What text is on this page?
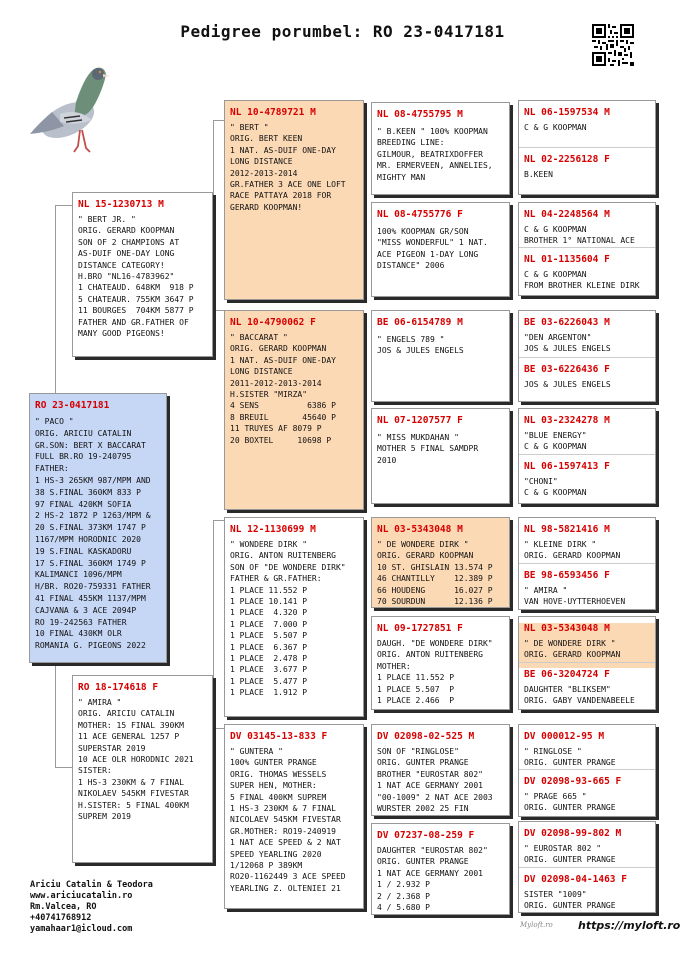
Pedigree porumbel: RO 23-0417181
RO 23-0417181
" PACO "
ORIG. ARICIU CATALIN
GR.SON: BERT X BACCARAT
FULL BR.RO 19-240795
FATHER:
1 HS-3 265KM 987/MPM AND
38 S.FINAL 360KM 833 P
97 FINAL 420KM SOFIA
2 HS-2 1872 P 1263/MPM &
20 S.FINAL 373KM 1747 P
1167/MPM HORODNIC 2020
19 S.FINAL KASKADORU
17 S.FINAL 360KM 1749 P
KALIMANCI 1096/MPM
H/BR. RO20-759331 FATHER
41 FINAL 455KM 1137/MPM
CAJVANA & 3 ACE 2094P
RO 19-242563 FATHER
10 FINAL 430KM OLR
ROMANIA G. PIGEONS 2022
NL 15-1230713 M
" BERT JR. "
ORIG. GERARD KOOPMAN
SON OF 2 CHAMPIONS AT
AS-DUIF ONE-DAY LONG
DISTANCE CATEGORY!
H.BRO "NL16-4783962"
1 CHATEAUD. 648KM  918 P
5 CHATEAUR. 755KM 3647 P
11 BOURGES  704KM 5877 P
FATHER AND GR.FATHER OF
MANY GOOD PIGEONS!
RO 18-174618 F
" AMIRA "
ORIG. ARICIU CATALIN
MOTHER: 15 FINAL 390KM
11 ACE GENERAL 1257 P
SUPERSTAR 2019
10 ACE OLR HORODNIC 2021
SISTER:
1 HS-3 230KM & 7 FINAL
NIKOLAEV 545KM FIVESTAR
H.SISTER: 5 FINAL 400KM
SUPREM 2019
NL 10-4789721 M
" BERT "
ORIG. BERT KEEN
1 NAT. AS-DUIF ONE-DAY
LONG DISTANCE
2012-2013-2014
GR.FATHER 3 ACE ONE LOFT
RACE PATTAYA 2018 FOR
GERARD KOOPMAN!
NL 10-4790062 F
" BACCARAT "
ORIG. GERARD KOOPMAN
1 NAT. AS-DUIF ONE-DAY
LONG DISTANCE
2011-2012-2013-2014
H.SISTER "MIRZA"
4 SENS          6386 P
8 BREUIL       45640 P
11 TRUYES AF 8079 P
20 BOXTEL     10698 P
NL 12-1130699 M
" WONDERE DIRK "
ORIG. ANTON RUITENBERG
SON OF "DE WONDERE DIRK"
FATHER & GR.FATHER:
1 PLACE 11.552 P
1 PLACE 10.141 P
1 PLACE  4.320 P
1 PLACE  7.000 P
1 PLACE  5.507 P
1 PLACE  6.367 P
1 PLACE  2.478 P
1 PLACE  3.677 P
1 PLACE  5.477 P
1 PLACE  1.912 P
DV 03145-13-833 F
" GUNTERA "
100% GUNTER PRANGE
ORIG. THOMAS WESSELS
SUPER HEN, MOTHER:
5 FINAL 400KM SUPREM
1 HS-3 230KM & 7 FINAL
NICOLAEV 545KM FIVESTAR
GR.MOTHER: RO19-240919
1 NAT ACE SPEED & 2 NAT
SPEED YEARLING 2020
1/12068 P 389KM
RO20-1162449 3 ACE SPEED
YEARLING Z. OLTENIEI 21
NL 08-4755795 M
" B.KEEN " 100% KOOPMAN
BREEDING LINE:
GILMOUR, BEATRIXDOFFER
MR. ERMERVEEN, ANNELIES,
MIGHTY MAN
NL 08-4755776 F
100% KOOPMAN GR/SON
"MISS WONDERFUL" 1 NAT.
ACE PIGEON 1-DAY LONG
DISTANCE" 2006
BE 06-6154789 M
" ENGELS 789 "
JOS & JULES ENGELS
NL 07-1207577 F
" MISS MUKDAHAN "
MOTHER 5 FINAL SAMDPR
2010
NL 03-5343048 M
" DE WONDERE DIRK "
ORIG. GERARD KOOPMAN
10 ST. GHISLAIN 13.574 P
46 CHANTILLY    12.389 P
66 HOUDENG      16.027 P
70 SOURDUN      12.136 P
NL 09-1727851 F
DAUGH. "DE WONDERE DIRK"
ORIG. ANTON RUITENBERG
MOTHER:
1 PLACE 11.552 P
1 PLACE 5.507  P
1 PLACE 2.466  P
DV 02098-02-525 M
SON OF "RINGLOSE"
ORIG. GUNTER PRANGE
BROTHER "EUROSTAR 802"
1 NAT ACE GERMANY 2001
"00-1009" 2 NAT ACE 2003
WURSTER 2002 25 FIN
DV 07237-08-259 F
DAUGHTER "EUROSTAR 802"
ORIG. GUNTER PRANGE
1 NAT ACE GERMANY 2001
1 / 2.932 P
2 / 2.368 P
4 / 5.680 P
NL 06-1597534 M
C & G KOOPMAN
NL 02-2256128 F
B.KEEN
NL 04-2248564 M
C & G KOOPMAN
BROTHER 1° NATIONAL ACE
NL 01-1135604 F
C & G KOOPMAN
FROM BROTHER KLEINE DIRK
BE 03-6226043 M
"DEN ARGENTON"
JOS & JULES ENGELS
BE 03-6226436 F
JOS & JULES ENGELS
NL 03-2324278 M
"BLUE ENERGY"
C & G KOOPMAN
NL 06-1597413 F
"CHONI"
C & G KOOPMAN
NL 98-5821416 M
" KLEINE DIRK "
ORIG. GERARD KOOPMAN
BE 98-6593456 F
" AMIRA "
VAN HOVE-UYTTERHOEVEN
NL 03-5343048 M
" DE WONDERE DIRK "
ORIG. GERARD KOOPMAN
BE 06-3204724 F
DAUGHTER "BLIKSEM"
ORIG. GABY VANDENABEELE
DV 000012-95 M
" RINGLOSE "
ORIG. GUNTER PRANGE
DV 02098-93-665 F
" PRAGE 665 "
ORIG. GUNTER PRANGE
DV 02098-99-802 M
" EUROSTAR 802 "
ORIG. GUNTER PRANGE
DV 02098-04-1463 F
SISTER "1009"
ORIG. GUNTER PRANGE
Ariciu Catalin & Teodora
www.ariciucatalin.ro
Rm.Valcea, RO
+40741768912
yamahaar1@icloud.com	Myloft.ro https://myloft.ro
